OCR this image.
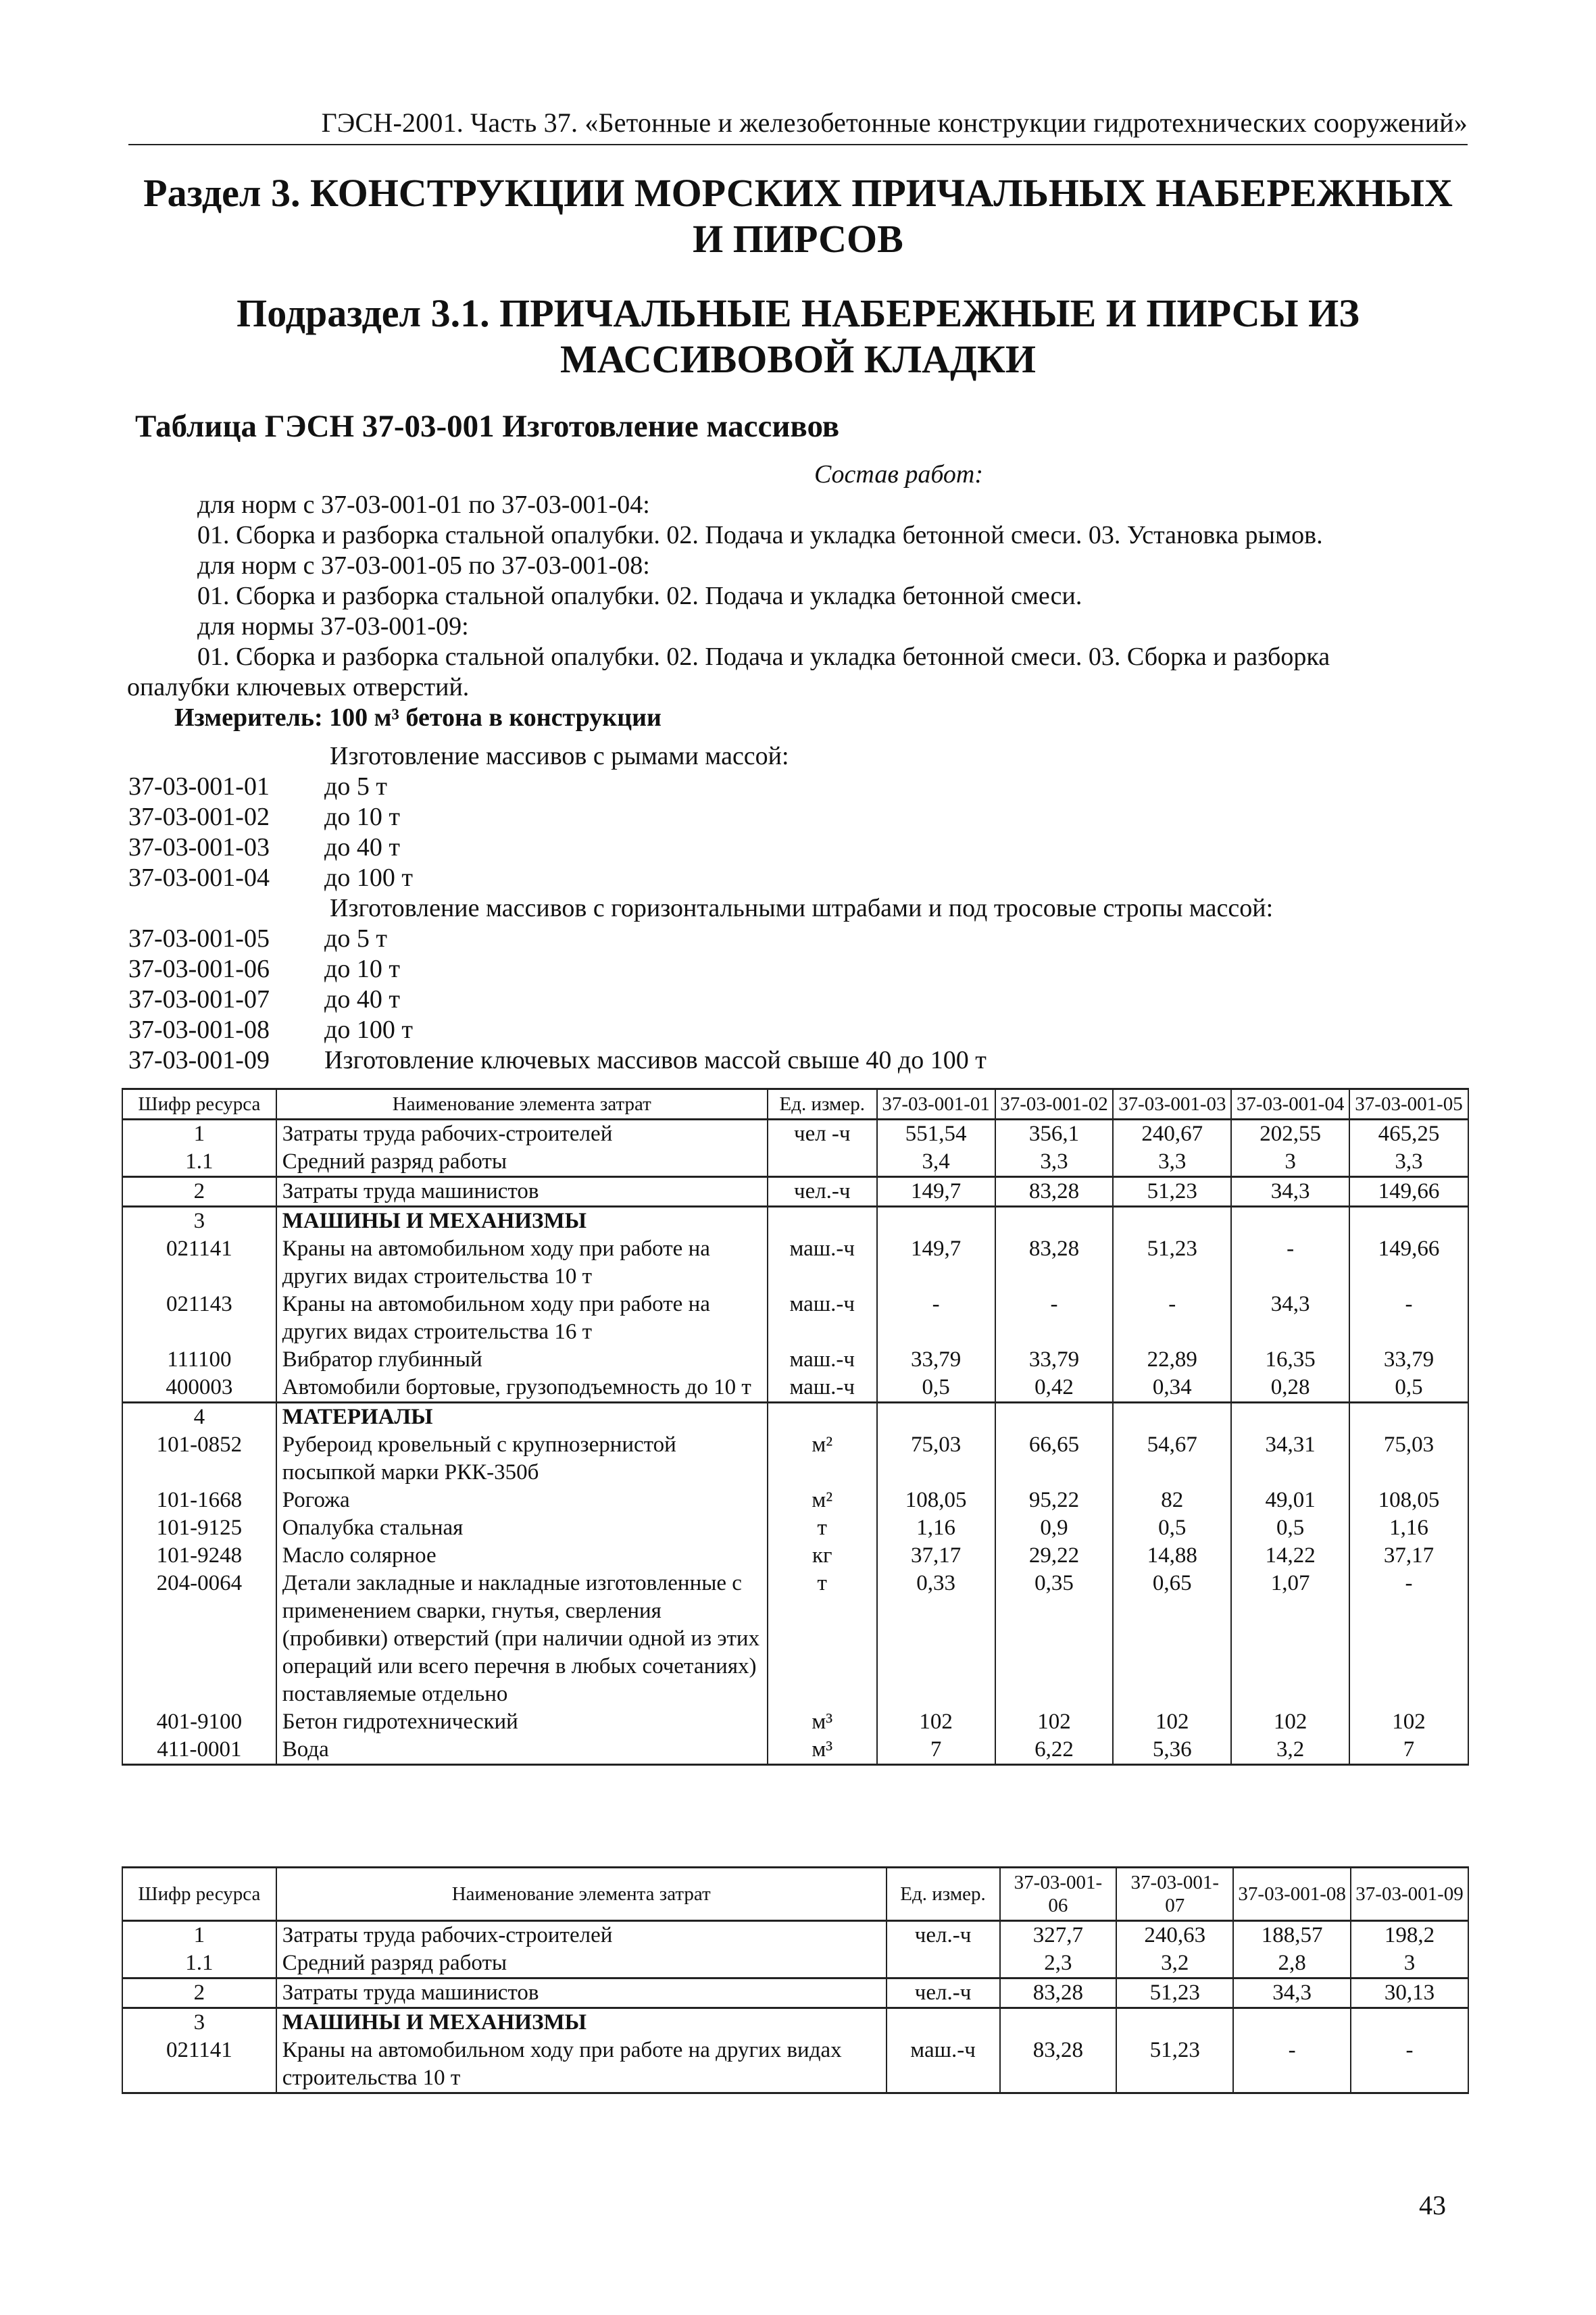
ГЭСН-2001. Часть 37. «Бетонные и железобетонные конструкции гидротехнических сооружений»
Раздел 3. КОНСТРУКЦИИ МОРСКИХ ПРИЧАЛЬНЫХ НАБЕРЕЖНЫХ
И ПИРСОВ
Подраздел 3.1. ПРИЧАЛЬНЫЕ НАБЕРЕЖНЫЕ И ПИРСЫ ИЗ
МАССИВОВОЙ КЛАДКИ
Таблица ГЭСН 37-03-001 Изготовление массивов
Состав работ:
для норм с 37-03-001-01 по 37-03-001-04:
01. Сборка и разборка стальной опалубки. 02. Подача и укладка бетонной смеси. 03. Установка рымов.
для норм с 37-03-001-05 по 37-03-001-08:
01. Сборка и разборка стальной опалубки. 02. Подача и укладка бетонной смеси.
для нормы 37-03-001-09:
01. Сборка и разборка стальной опалубки. 02. Подача и укладка бетонной смеси. 03. Сборка и разборка
опалубки ключевых отверстий.
Измеритель: 100 м³ бетона в конструкции
Изготовление массивов с рымами массой:
37-03-001-01	до 5 т
37-03-001-02	до 10 т
37-03-001-03	до 40 т
37-03-001-04	до 100 т
Изготовление массивов с горизонтальными штрабами и под тросовые стропы массой:
37-03-001-05	до 5 т
37-03-001-06	до 10 т
37-03-001-07	до 40 т
37-03-001-08	до 100 т
37-03-001-09	Изготовление ключевых массивов массой свыше 40 до 100 т
Шифр ресурса	Наименование элемента затрат	Ед. измер.	37-03-001-01	37-03-001-02	37-03-001-03	37-03-001-04	37-03-001-05
1	Затраты труда рабочих-строителей	чел -ч	551,54	356,1	240,67	202,55	465,25
1.1	Средний разряд работы		3,4	3,3	3,3	3	3,3
2	Затраты труда машинистов	чел.-ч	149,7	83,28	51,23	34,3	149,66
3	МАШИНЫ И МЕХАНИЗМЫ						
021141	Краны на автомобильном ходу при работе на других видах строительства 10 т	маш.-ч	149,7	83,28	51,23	-	149,66
021143	Краны на автомобильном ходу при работе на других видах строительства 16 т	маш.-ч	-	-	-	34,3	-
111100	Вибратор глубинный	маш.-ч	33,79	33,79	22,89	16,35	33,79
400003	Автомобили бортовые, грузоподъемность до 10 т	маш.-ч	0,5	0,42	0,34	0,28	0,5
4	МАТЕРИАЛЫ						
101-0852	Рубероид кровельный с крупнозернистой посыпкой марки РКК-350б	м²	75,03	66,65	54,67	34,31	75,03
101-1668	Рогожа	м²	108,05	95,22	82	49,01	108,05
101-9125	Опалубка стальная	т	1,16	0,9	0,5	0,5	1,16
101-9248	Масло солярное	кг	37,17	29,22	14,88	14,22	37,17
204-0064	Детали закладные и накладные изготовленные с применением сварки, гнутья, сверления (пробивки) отверстий (при наличии одной из этих операций или всего перечня в любых сочетаниях) поставляемые отдельно	т	0,33	0,35	0,65	1,07	-
401-9100	Бетон гидротехнический	м³	102	102	102	102	102
411-0001	Вода	м³	7	6,22	5,36	3,2	7
Шифр ресурса	Наименование элемента затрат	Ед. измер.	37-03-001-06	37-03-001-07	37-03-001-08	37-03-001-09
1	Затраты труда рабочих-строителей	чел.-ч	327,7	240,63	188,57	198,2
1.1	Средний разряд работы		2,3	3,2	2,8	3
2	Затраты труда машинистов	чел.-ч	83,28	51,23	34,3	30,13
3	МАШИНЫ И МЕХАНИЗМЫ					
021141	Краны на автомобильном ходу при работе на других видах строительства 10 т	маш.-ч	83,28	51,23	-	-
43
